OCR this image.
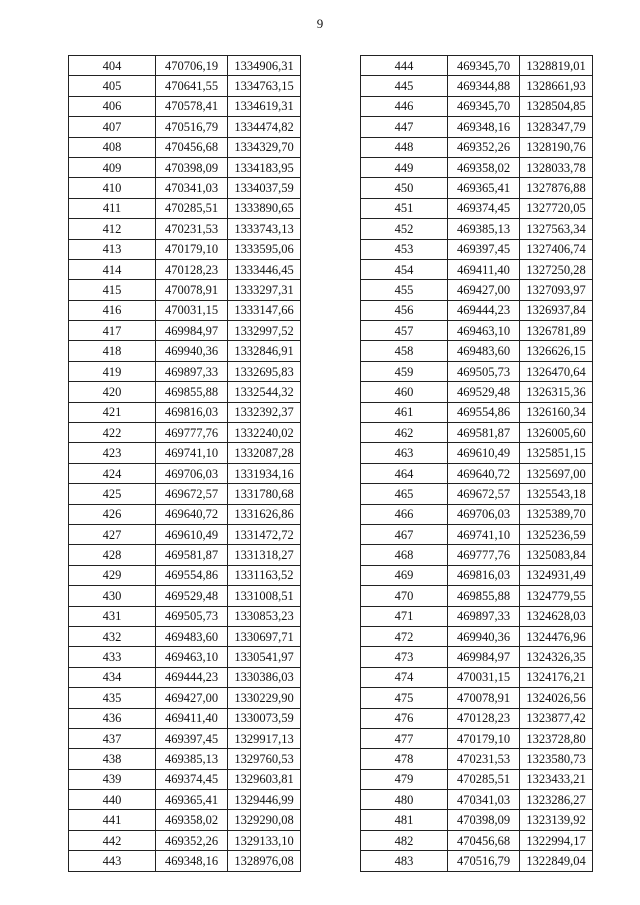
9
404	470706,19	1334906,31
405	470641,55	1334763,15
406	470578,41	1334619,31
407	470516,79	1334474,82
408	470456,68	1334329,70
409	470398,09	1334183,95
410	470341,03	1334037,59
411	470285,51	1333890,65
412	470231,53	1333743,13
413	470179,10	1333595,06
414	470128,23	1333446,45
415	470078,91	1333297,31
416	470031,15	1333147,66
417	469984,97	1332997,52
418	469940,36	1332846,91
419	469897,33	1332695,83
420	469855,88	1332544,32
421	469816,03	1332392,37
422	469777,76	1332240,02
423	469741,10	1332087,28
424	469706,03	1331934,16
425	469672,57	1331780,68
426	469640,72	1331626,86
427	469610,49	1331472,72
428	469581,87	1331318,27
429	469554,86	1331163,52
430	469529,48	1331008,51
431	469505,73	1330853,23
432	469483,60	1330697,71
433	469463,10	1330541,97
434	469444,23	1330386,03
435	469427,00	1330229,90
436	469411,40	1330073,59
437	469397,45	1329917,13
438	469385,13	1329760,53
439	469374,45	1329603,81
440	469365,41	1329446,99
441	469358,02	1329290,08
442	469352,26	1329133,10
443	469348,16	1328976,08
444	469345,70	1328819,01
445	469344,88	1328661,93
446	469345,70	1328504,85
447	469348,16	1328347,79
448	469352,26	1328190,76
449	469358,02	1328033,78
450	469365,41	1327876,88
451	469374,45	1327720,05
452	469385,13	1327563,34
453	469397,45	1327406,74
454	469411,40	1327250,28
455	469427,00	1327093,97
456	469444,23	1326937,84
457	469463,10	1326781,89
458	469483,60	1326626,15
459	469505,73	1326470,64
460	469529,48	1326315,36
461	469554,86	1326160,34
462	469581,87	1326005,60
463	469610,49	1325851,15
464	469640,72	1325697,00
465	469672,57	1325543,18
466	469706,03	1325389,70
467	469741,10	1325236,59
468	469777,76	1325083,84
469	469816,03	1324931,49
470	469855,88	1324779,55
471	469897,33	1324628,03
472	469940,36	1324476,96
473	469984,97	1324326,35
474	470031,15	1324176,21
475	470078,91	1324026,56
476	470128,23	1323877,42
477	470179,10	1323728,80
478	470231,53	1323580,73
479	470285,51	1323433,21
480	470341,03	1323286,27
481	470398,09	1323139,92
482	470456,68	1322994,17
483	470516,79	1322849,04
